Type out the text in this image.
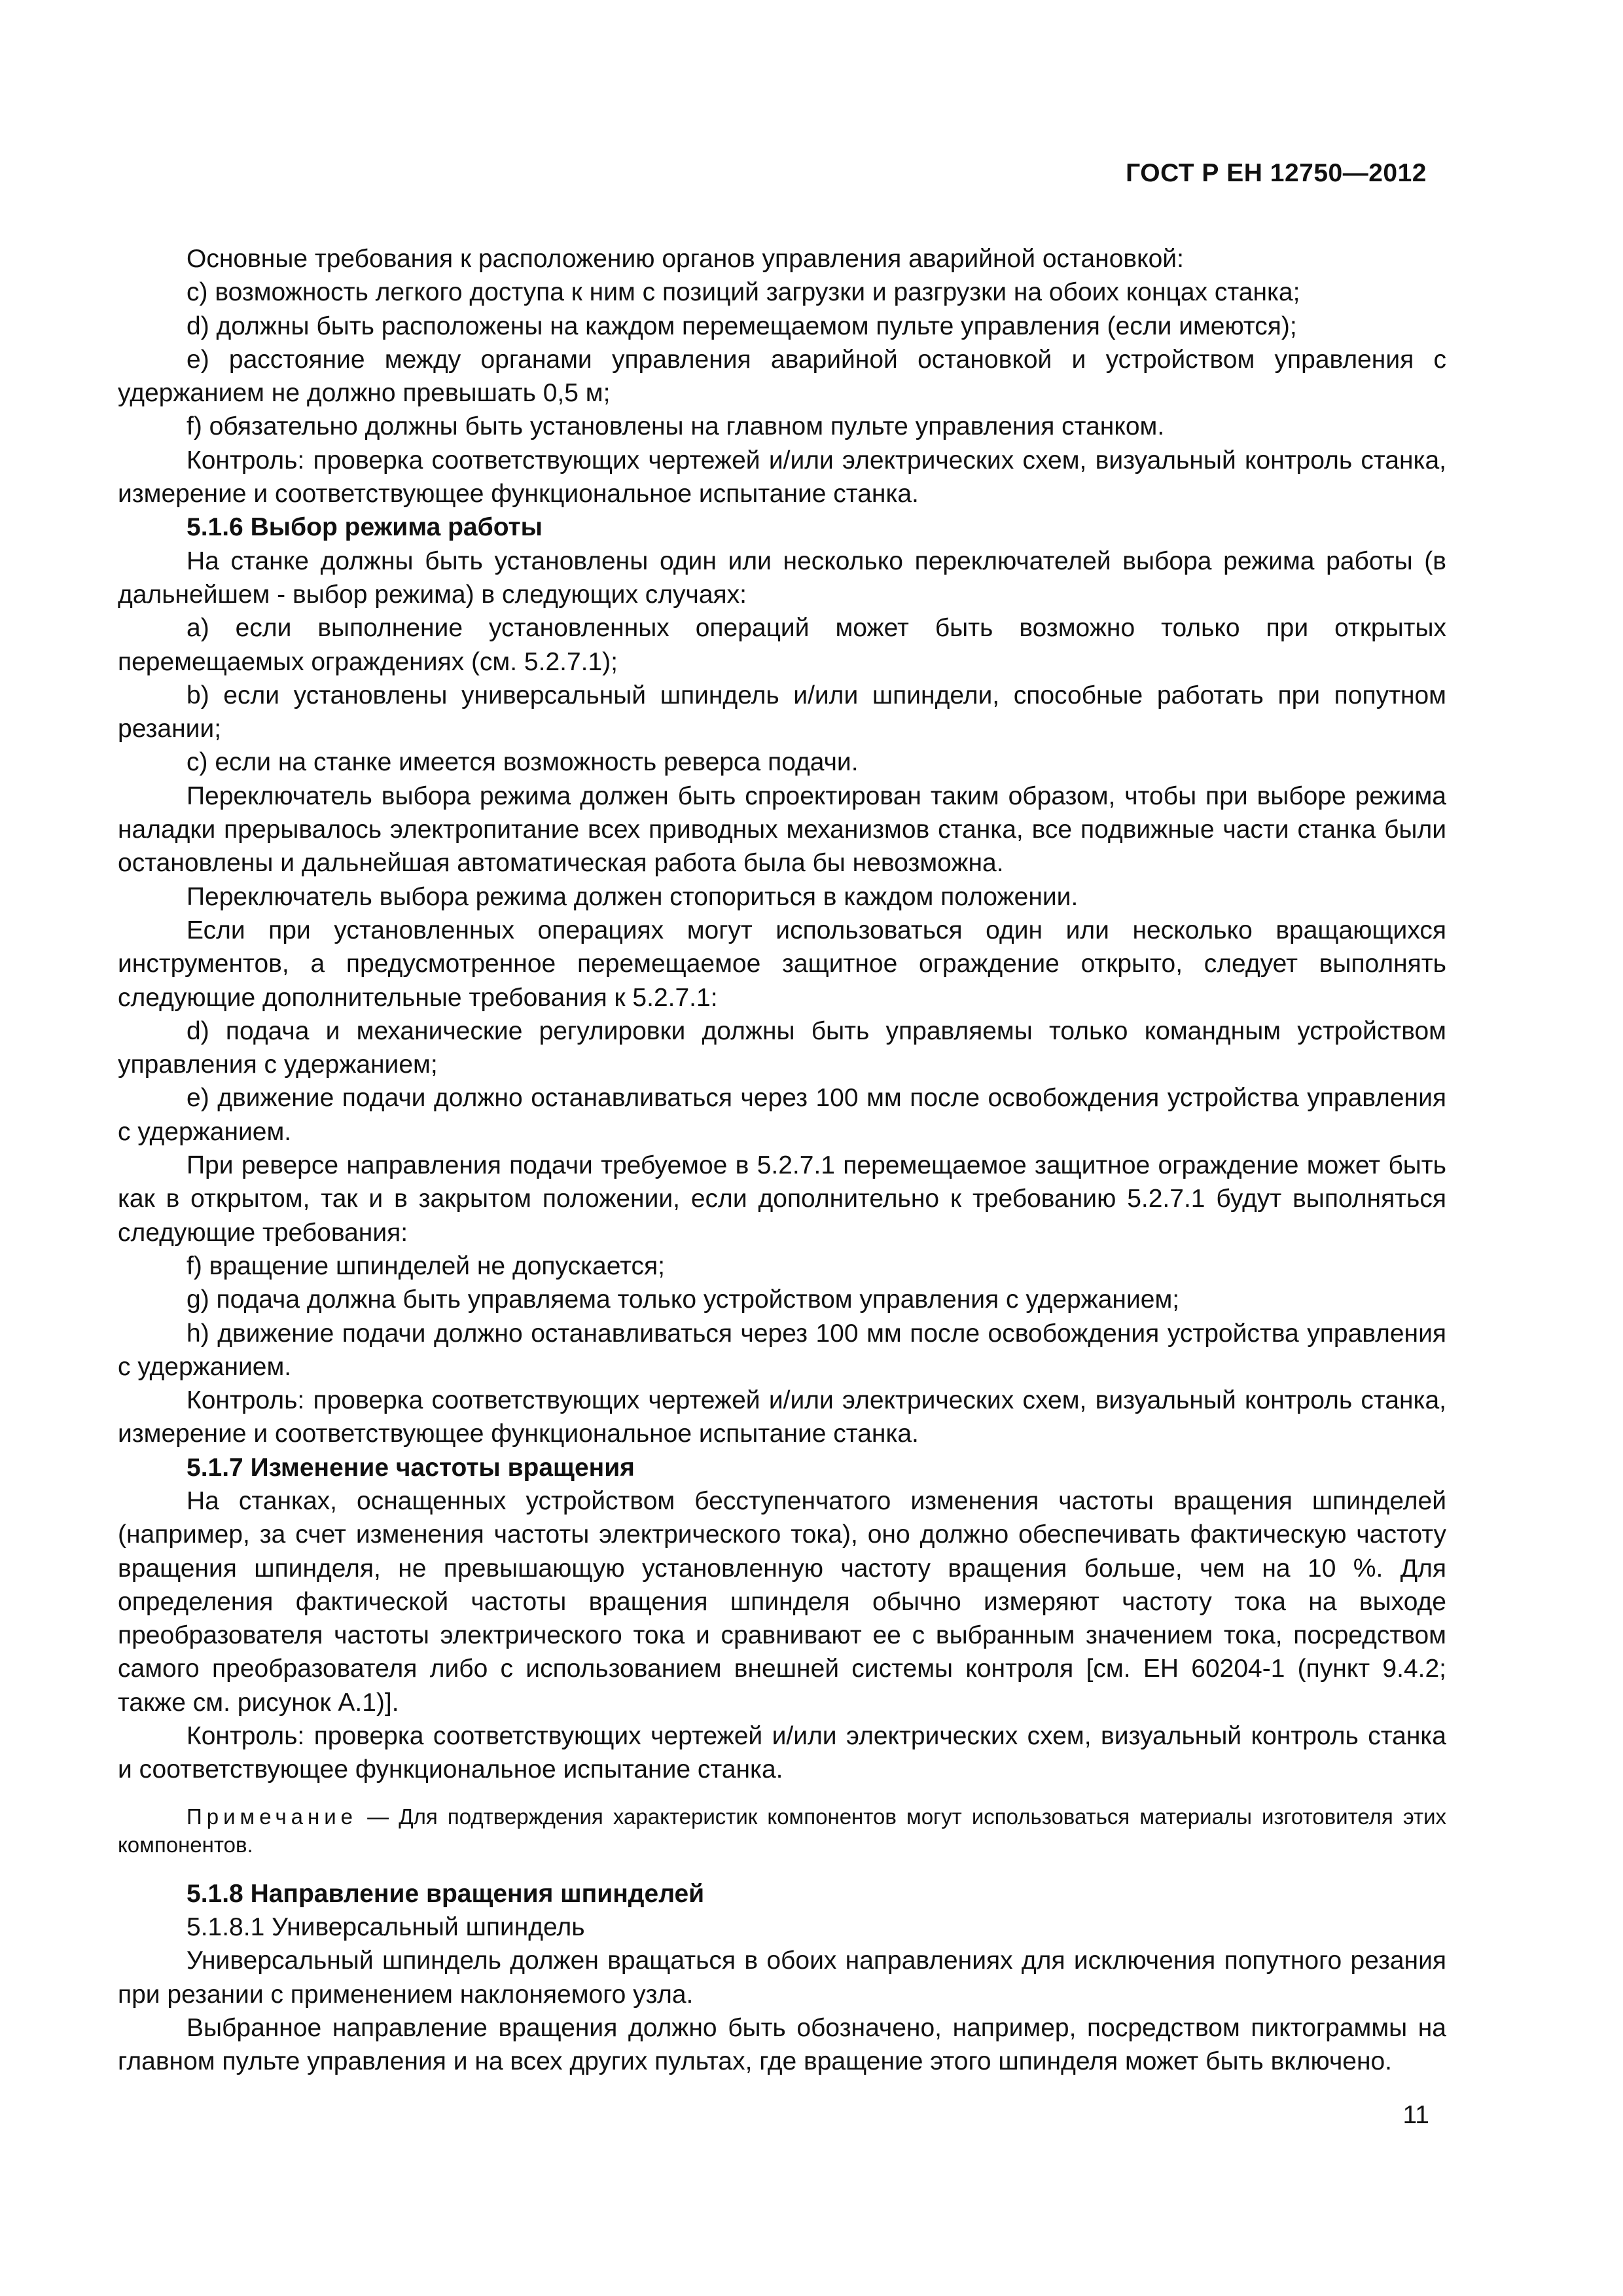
ГОСТ Р ЕН 12750—2012

Основные требования к расположению органов управления аварийной остановкой:

c) возможность легкого доступа к ним с позиций загрузки и разгрузки на обоих концах станка;

d) должны быть расположены на каждом перемещаемом пульте управления (если имеются);

e) расстояние между органами управления аварийной остановкой и устройством управления с удержанием не должно превышать 0,5 м;

f) обязательно должны быть установлены на главном пульте управления станком.

Контроль: проверка соответствующих чертежей и/или электрических схем, визуальный контроль станка, измерение и соответствующее функциональное испытание станка.

5.1.6 Выбор режима работы

На станке должны быть установлены один или несколько переключателей выбора режима работы (в дальнейшем - выбор режима) в следующих случаях:

a) если выполнение установленных операций может быть возможно только при открытых перемещаемых ограждениях (см. 5.2.7.1);

b) если установлены универсальный шпиндель и/или шпиндели, способные работать при попутном резании;

c) если на станке имеется возможность реверса подачи.

Переключатель выбора режима должен быть спроектирован таким образом, чтобы при выборе режима наладки прерывалось электропитание всех приводных механизмов станка, все подвижные части станка были остановлены и дальнейшая автоматическая работа была бы невозможна.

Переключатель выбора режима должен стопориться в каждом положении.

Если при установленных операциях могут использоваться один или несколько вращающихся инструментов, а предусмотренное перемещаемое защитное ограждение открыто, следует выполнять следующие дополнительные требования к 5.2.7.1:

d) подача и механические регулировки должны быть управляемы только командным устройством управления с удержанием;

e) движение подачи должно останавливаться через 100 мм после освобождения устройства управления с удержанием.

При реверсе направления подачи требуемое в 5.2.7.1 перемещаемое защитное ограждение может быть как в открытом, так и в закрытом положении, если дополнительно к требованию 5.2.7.1 будут выполняться следующие требования:

f) вращение шпинделей не допускается;

g) подача должна быть управляема только устройством управления с удержанием;

h) движение подачи должно останавливаться через 100 мм после освобождения устройства управления с удержанием.

Контроль: проверка соответствующих чертежей и/или электрических схем, визуальный контроль станка, измерение и соответствующее функциональное испытание станка.

5.1.7 Изменение частоты вращения

На станках, оснащенных устройством бесступенчатого изменения частоты вращения шпинделей (например, за счет изменения частоты электрического тока), оно должно обеспечивать фактическую частоту вращения шпинделя, не превышающую установленную частоту вращения больше, чем на 10 %. Для определения фактической частоты вращения шпинделя обычно измеряют частоту тока на выходе преобразователя частоты электрического тока и сравнивают ее с выбранным значением тока, посредством самого преобразователя либо с использованием внешней системы контроля [см. ЕН 60204-1 (пункт 9.4.2; также см. рисунок А.1)].

Контроль: проверка соответствующих чертежей и/или электрических схем, визуальный контроль станка и соответствующее функциональное испытание станка.

Примечание — Для подтверждения характеристик компонентов могут использоваться материалы изготовителя этих компонентов.
5.1.8 Направление вращения шпинделей

5.1.8.1 Универсальный шпиндель

Универсальный шпиндель должен вращаться в обоих направлениях для исключения попутного резания при резании с применением наклоняемого узла.

Выбранное направление вращения должно быть обозначено, например, посредством пиктограммы на главном пульте управления и на всех других пультах, где вращение этого шпинделя может быть включено.

11
